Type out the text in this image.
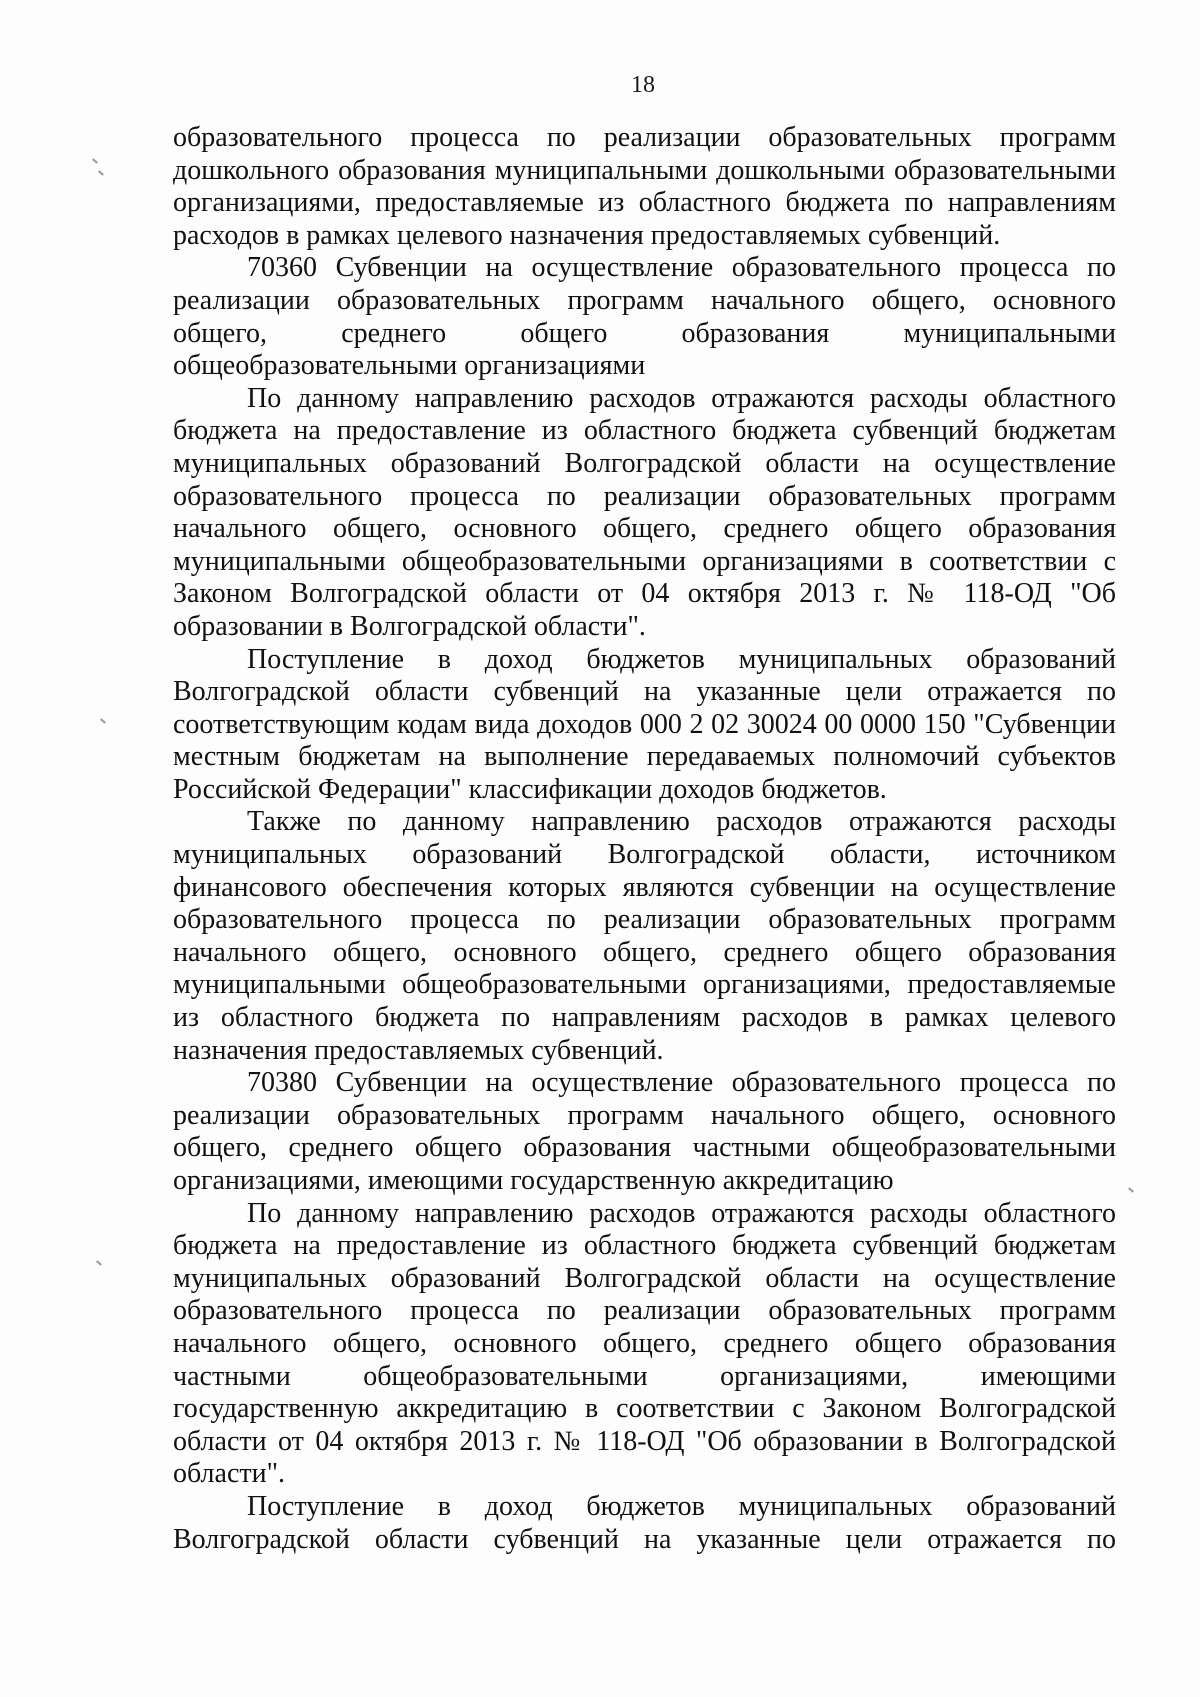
18

образовательного процесса по реализации образовательных программ дошкольного образования муниципальными дошкольными образовательными организациями, предоставляемые из областного бюджета по направлениям расходов в рамках целевого назначения предоставляемых субвенций.

70360 Субвенции на осуществление образовательного процесса по реализации образовательных программ начального общего, основного общего, среднего общего образования муниципальными общеобразовательными организациями

По данному направлению расходов отражаются расходы областного бюджета на предоставление из областного бюджета субвенций бюджетам муниципальных образований Волгоградской области на осуществление образовательного процесса по реализации образовательных программ начального общего, основного общего, среднего общего образования муниципальными общеобразовательными организациями в соответствии с Законом Волгоградской области от 04 октября 2013 г. № 118-ОД "Об образовании в Волгоградской области".

Поступление в доход бюджетов муниципальных образований Волгоградской области субвенций на указанные цели отражается по соответствующим кодам вида доходов 000 2 02 30024 00 0000 150 "Субвенции местным бюджетам на выполнение передаваемых полномочий субъектов Российской Федерации" классификации доходов бюджетов.

Также по данному направлению расходов отражаются расходы муниципальных образований Волгоградской области, источником финансового обеспечения которых являются субвенции на осуществление образовательного процесса по реализации образовательных программ начального общего, основного общего, среднего общего образования муниципальными общеобразовательными организациями, предоставляемые из областного бюджета по направлениям расходов в рамках целевого назначения предоставляемых субвенций.

70380 Субвенции на осуществление образовательного процесса по реализации образовательных программ начального общего, основного общего, среднего общего образования частными общеобразовательными организациями, имеющими государственную аккредитацию

По данному направлению расходов отражаются расходы областного бюджета на предоставление из областного бюджета субвенций бюджетам муниципальных образований Волгоградской области на осуществление образовательного процесса по реализации образовательных программ начального общего, основного общего, среднего общего образования частными общеобразовательными организациями, имеющими государственную аккредитацию в соответствии с Законом Волгоградской области от 04 октября 2013 г. № 118-ОД "Об образовании в Волгоградской области".

Поступление в доход бюджетов муниципальных образований Волгоградской области субвенций на указанные цели отражается по
